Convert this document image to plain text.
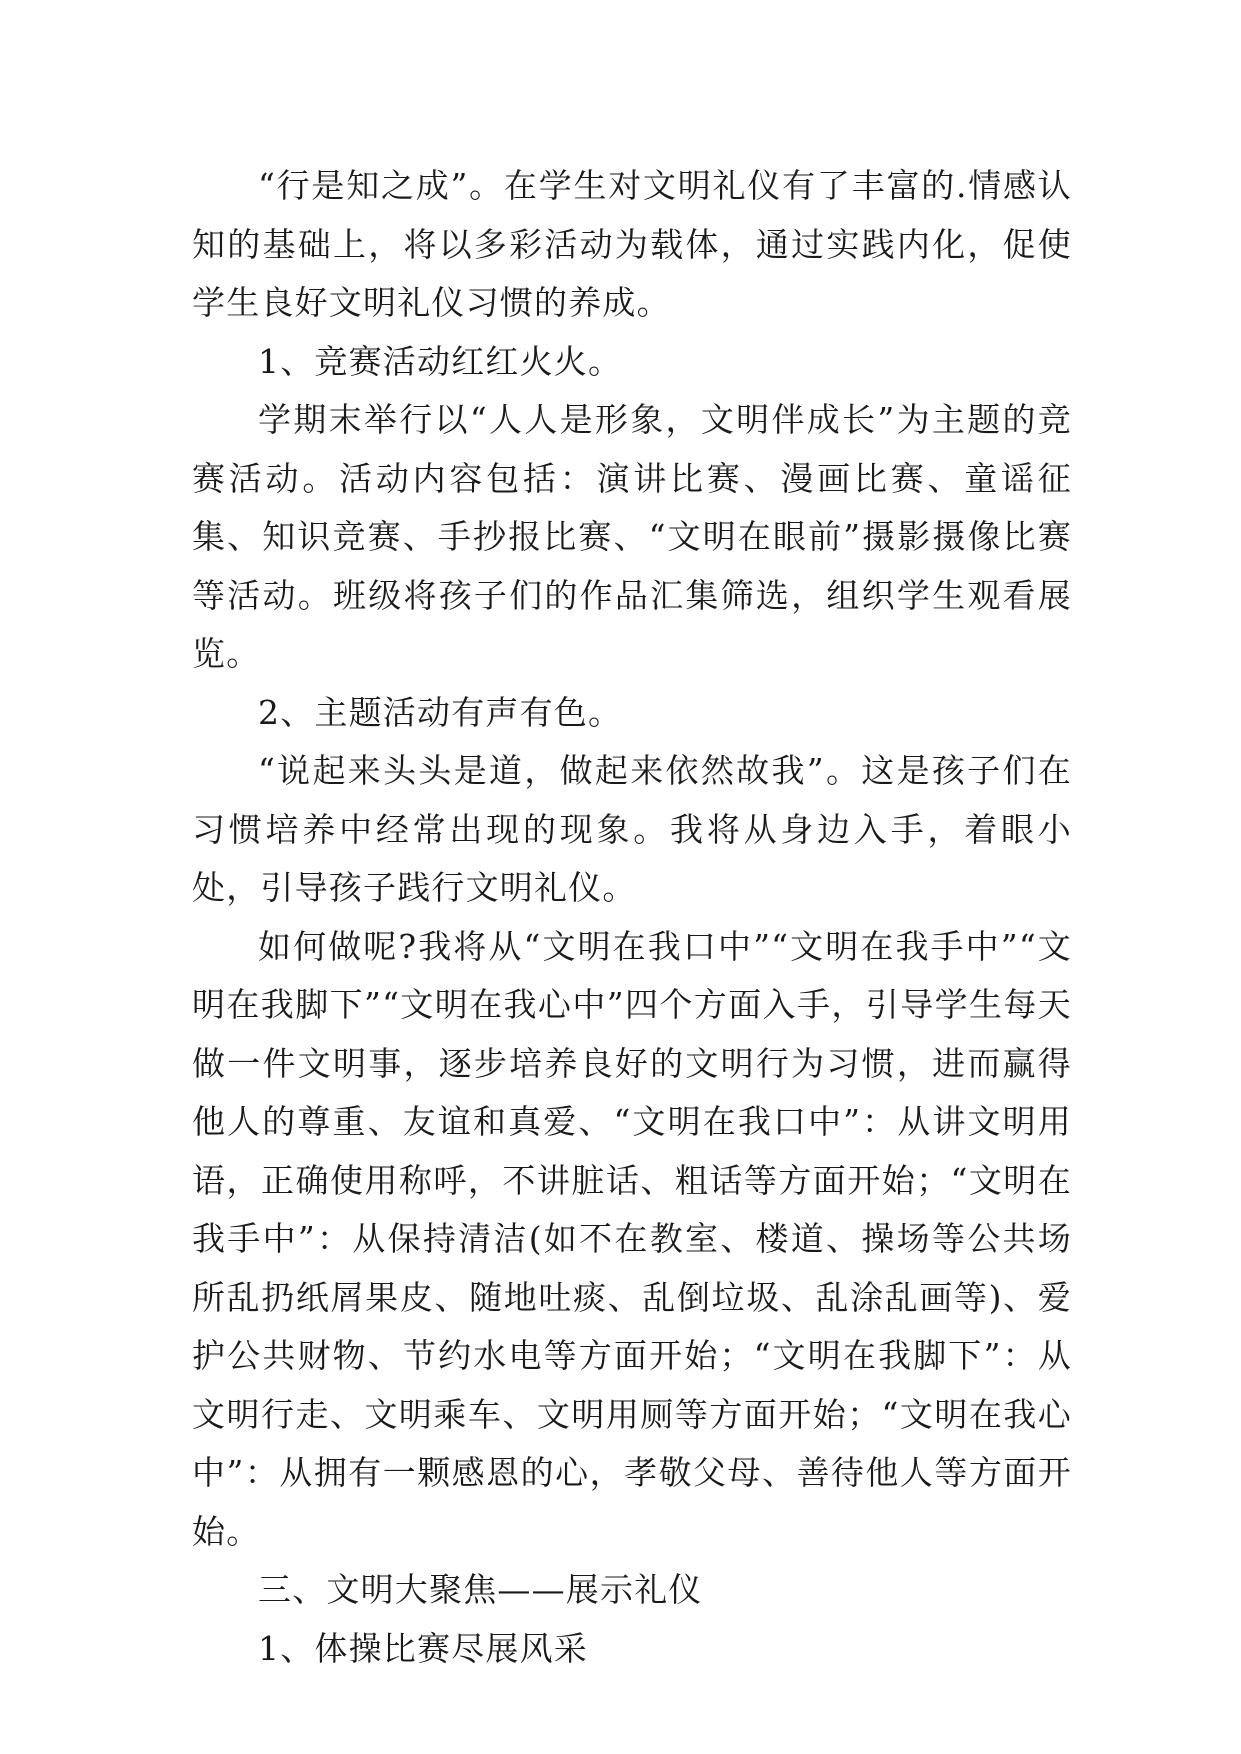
“行是知之成”。在学生对文明礼仪有了丰富的.情感认知的基础上，将以多彩活动为载体，通过实践内化，促使学生良好文明礼仪习惯的养成。

1、竞赛活动红红火火。

学期末举行以“人人是形象，文明伴成长”为主题的竞赛活动。活动内容包括：演讲比赛、漫画比赛、童谣征集、知识竞赛、手抄报比赛、“文明在眼前”摄影摄像比赛等活动。班级将孩子们的作品汇集筛选，组织学生观看展览。

2、主题活动有声有色。

“说起来头头是道，做起来依然故我”。这是孩子们在习惯培养中经常出现的现象。我将从身边入手，着眼小处，引导孩子践行文明礼仪。

如何做呢?我将从“文明在我口中”“文明在我手中”“文明在我脚下”“文明在我心中”四个方面入手，引导学生每天做一件文明事，逐步培养良好的文明行为习惯，进而赢得他人的尊重、友谊和真爱、“文明在我口中”：从讲文明用语，正确使用称呼，不讲脏话、粗话等方面开始；“文明在我手中”：从保持清洁(如不在教室、楼道、操场等公共场所乱扔纸屑果皮、随地吐痰、乱倒垃圾、乱涂乱画等)、爱护公共财物、节约水电等方面开始；“文明在我脚下”：从文明行走、文明乘车、文明用厕等方面开始；“文明在我心中”：从拥有一颗感恩的心，孝敬父母、善待他人等方面开始。

三、文明大聚焦——展示礼仪

1、体操比赛尽展风采
